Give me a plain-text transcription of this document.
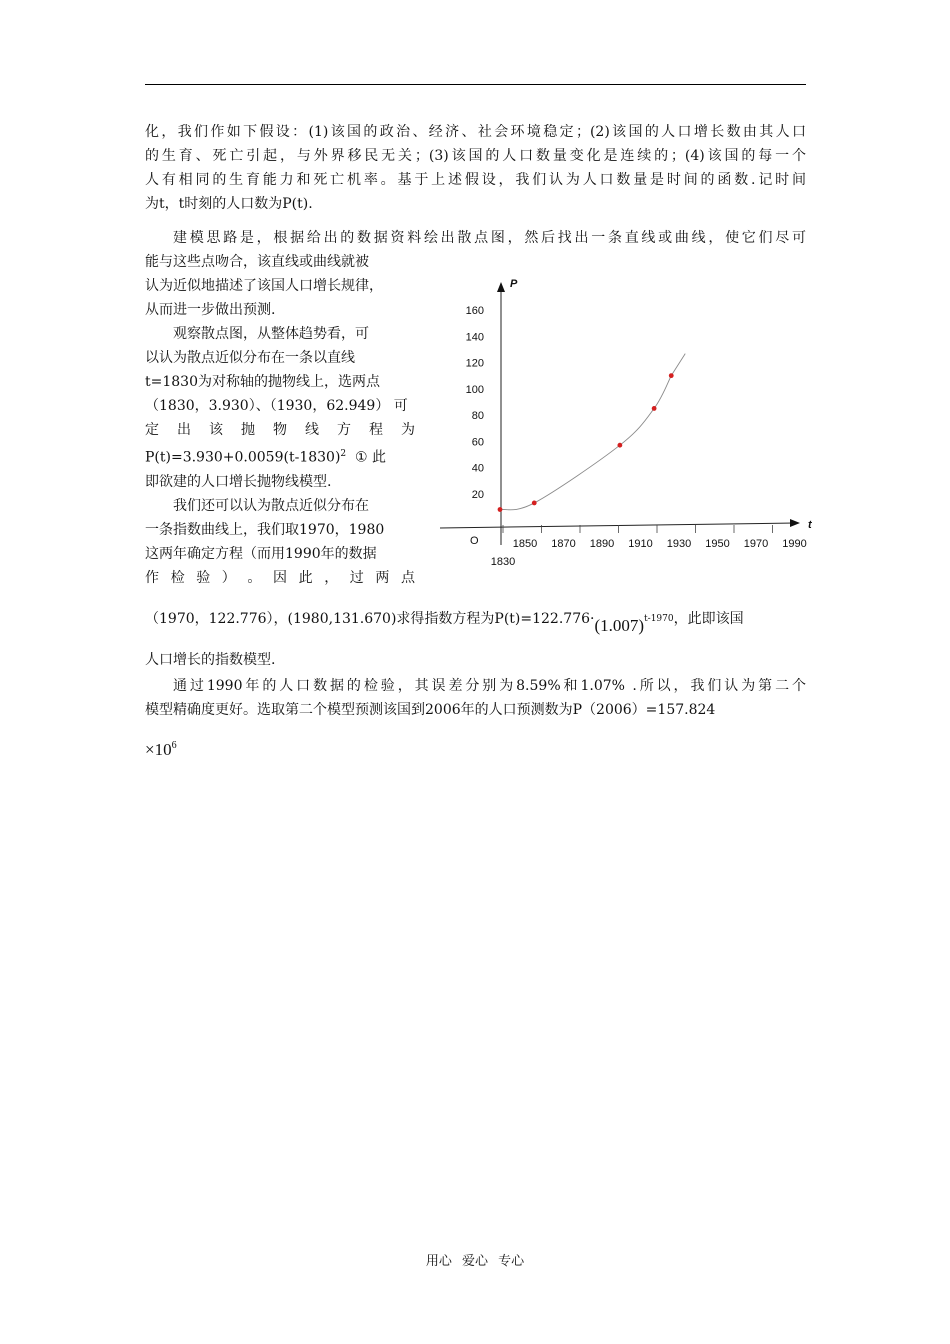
化，我们作如下假设：(1)该国的政治、经济、社会环境稳定；(2)该国的人口增长数由其人口

的生育、死亡引起，与外界移民无关；(3)该国的人口数量变化是连续的；(4)该国的每一个

人有相同的生育能力和死亡机率。基于上述假设，我们认为人口数量是时间的函数.记时间

为t，t时刻的人口数为P(t).

建模思路是，根据给出的数据资料绘出散点图，然后找出一条直线或曲线，使它们尽可

能与这些点吻合，该直线或曲线就被
认为近似地描述了该国人口增长规律，
从而进一步做出预测.
观察散点图，从整体趋势看，可
以认为散点近似分布在一条以直线
t=1830为对称轴的抛物线上，选两点
（1830，3.930）、（1930，62.949） 可
定 出 该 抛 物 线 方 程 为
$P(t)=3.930+0.0059(t-1830)^2$ ① 此
即欲建的人口增长抛物线模型.
我们还可以认为散点近似分布在
一条指数曲线上，我们取1970，1980
这两年确定方程（而用1990年的数据
作 检 验 ） 。 因 此 ， 过 两 点
P
t
O
20
40
60
80
100
120
140
160
1850 1870 1890 1910 1930 1950 1970 1990
1830

（1970，122.776），(1980,131.670)求得指数方程为P(t)=122.776·(1.007)t-1970，此即该国

人口增长的指数模型.

通过1990年的人口数据的检验，其误差分别为8.59%和1.07% .所以，我们认为第二个

模型精确度更好。选取第二个模型预测该国到2006年的人口预测数为P（2006）=157.824

$\times 10^6$
用心 爱心 专心
